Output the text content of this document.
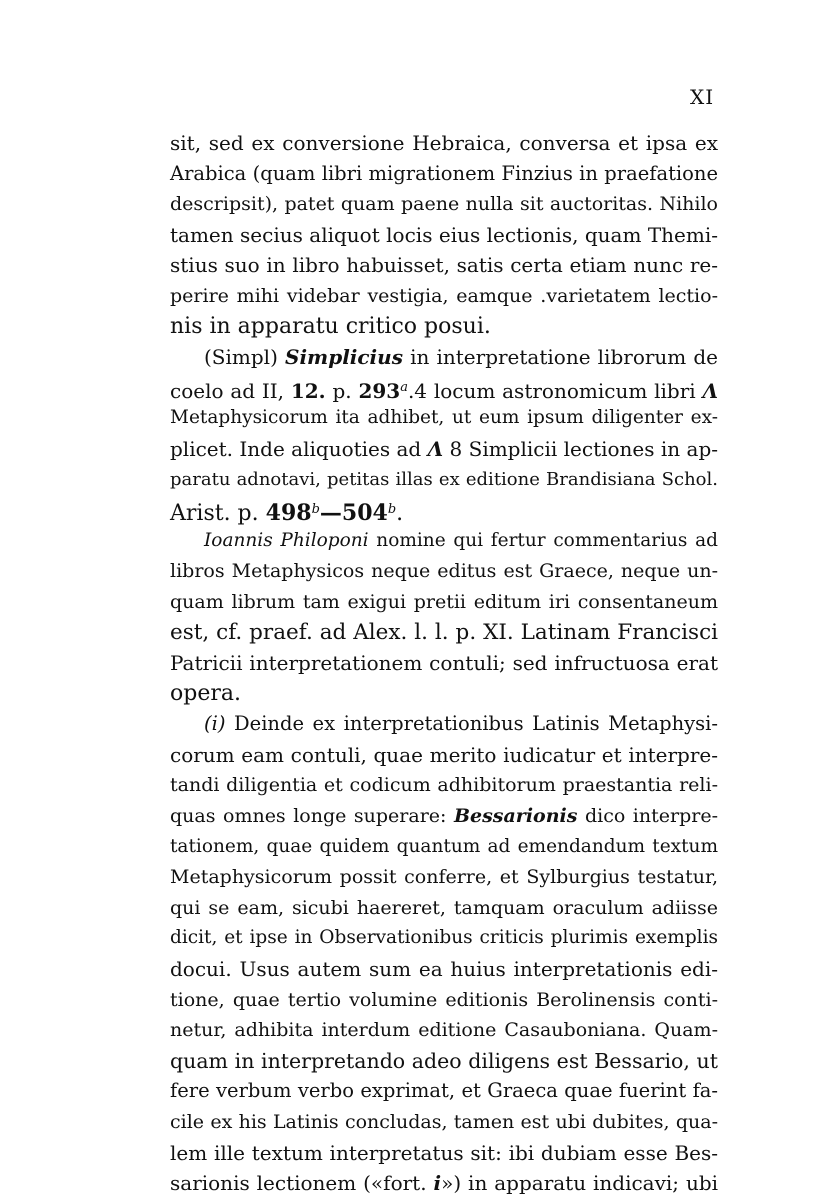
XI
sit, sed ex conversione Hebraica, conversa et ipsa ex
Arabica (quam libri migrationem Finzius in praefatione
descripsit), patet quam paene nulla sit auctoritas. Nihilo
tamen secius aliquot locis eius lectionis, quam Themi-
stius suo in libro habuisset, satis certa etiam nunc re-
perire mihi videbar vestigia, eamque .varietatem lectio-
nis in apparatu critico posui.
(Simpl) Simplicius in interpretatione librorum de
coelo ad II, 12. p. 293$^a$.4 locum astronomicum libri Λ
Metaphysicorum ita adhibet, ut eum ipsum diligenter ex-
plicet. Inde aliquoties ad Λ 8 Simplicii lectiones in ap-
paratu adnotavi, petitas illas ex editione Brandisiana Schol.
Arist. p. 498$^b$—504$^b$.
Ioannis Philoponi nomine qui fertur commentarius ad
libros Metaphysicos neque editus est Graece, neque un-
quam librum tam exigui pretii editum iri consentaneum
est, cf. praef. ad Alex. l. l. p. XI. Latinam Francisci
Patricii interpretationem contuli; sed infructuosa erat
opera.
(i) Deinde ex interpretationibus Latinis Metaphysi-
corum eam contuli, quae merito iudicatur et interpre-
tandi diligentia et codicum adhibitorum praestantia reli-
quas omnes longe superare: Bessarionis dico interpre-
tationem, quae quidem quantum ad emendandum textum
Metaphysicorum possit conferre, et Sylburgius testatur,
qui se eam, sicubi haereret, tamquam oraculum adiisse
dicit, et ipse in Observationibus criticis plurimis exemplis
docui. Usus autem sum ea huius interpretationis edi-
tione, quae tertio volumine editionis Berolinensis conti-
netur, adhibita interdum editione Casauboniana. Quam-
quam in interpretando adeo diligens est Bessario, ut
fere verbum verbo exprimat, et Graeca quae fuerint fa-
cile ex his Latinis concludas, tamen est ubi dubites, qua-
lem ille textum interpretatus sit: ibi dubiam esse Bes-
sarionis lectionem («fort. i») in apparatu indicavi; ubi
